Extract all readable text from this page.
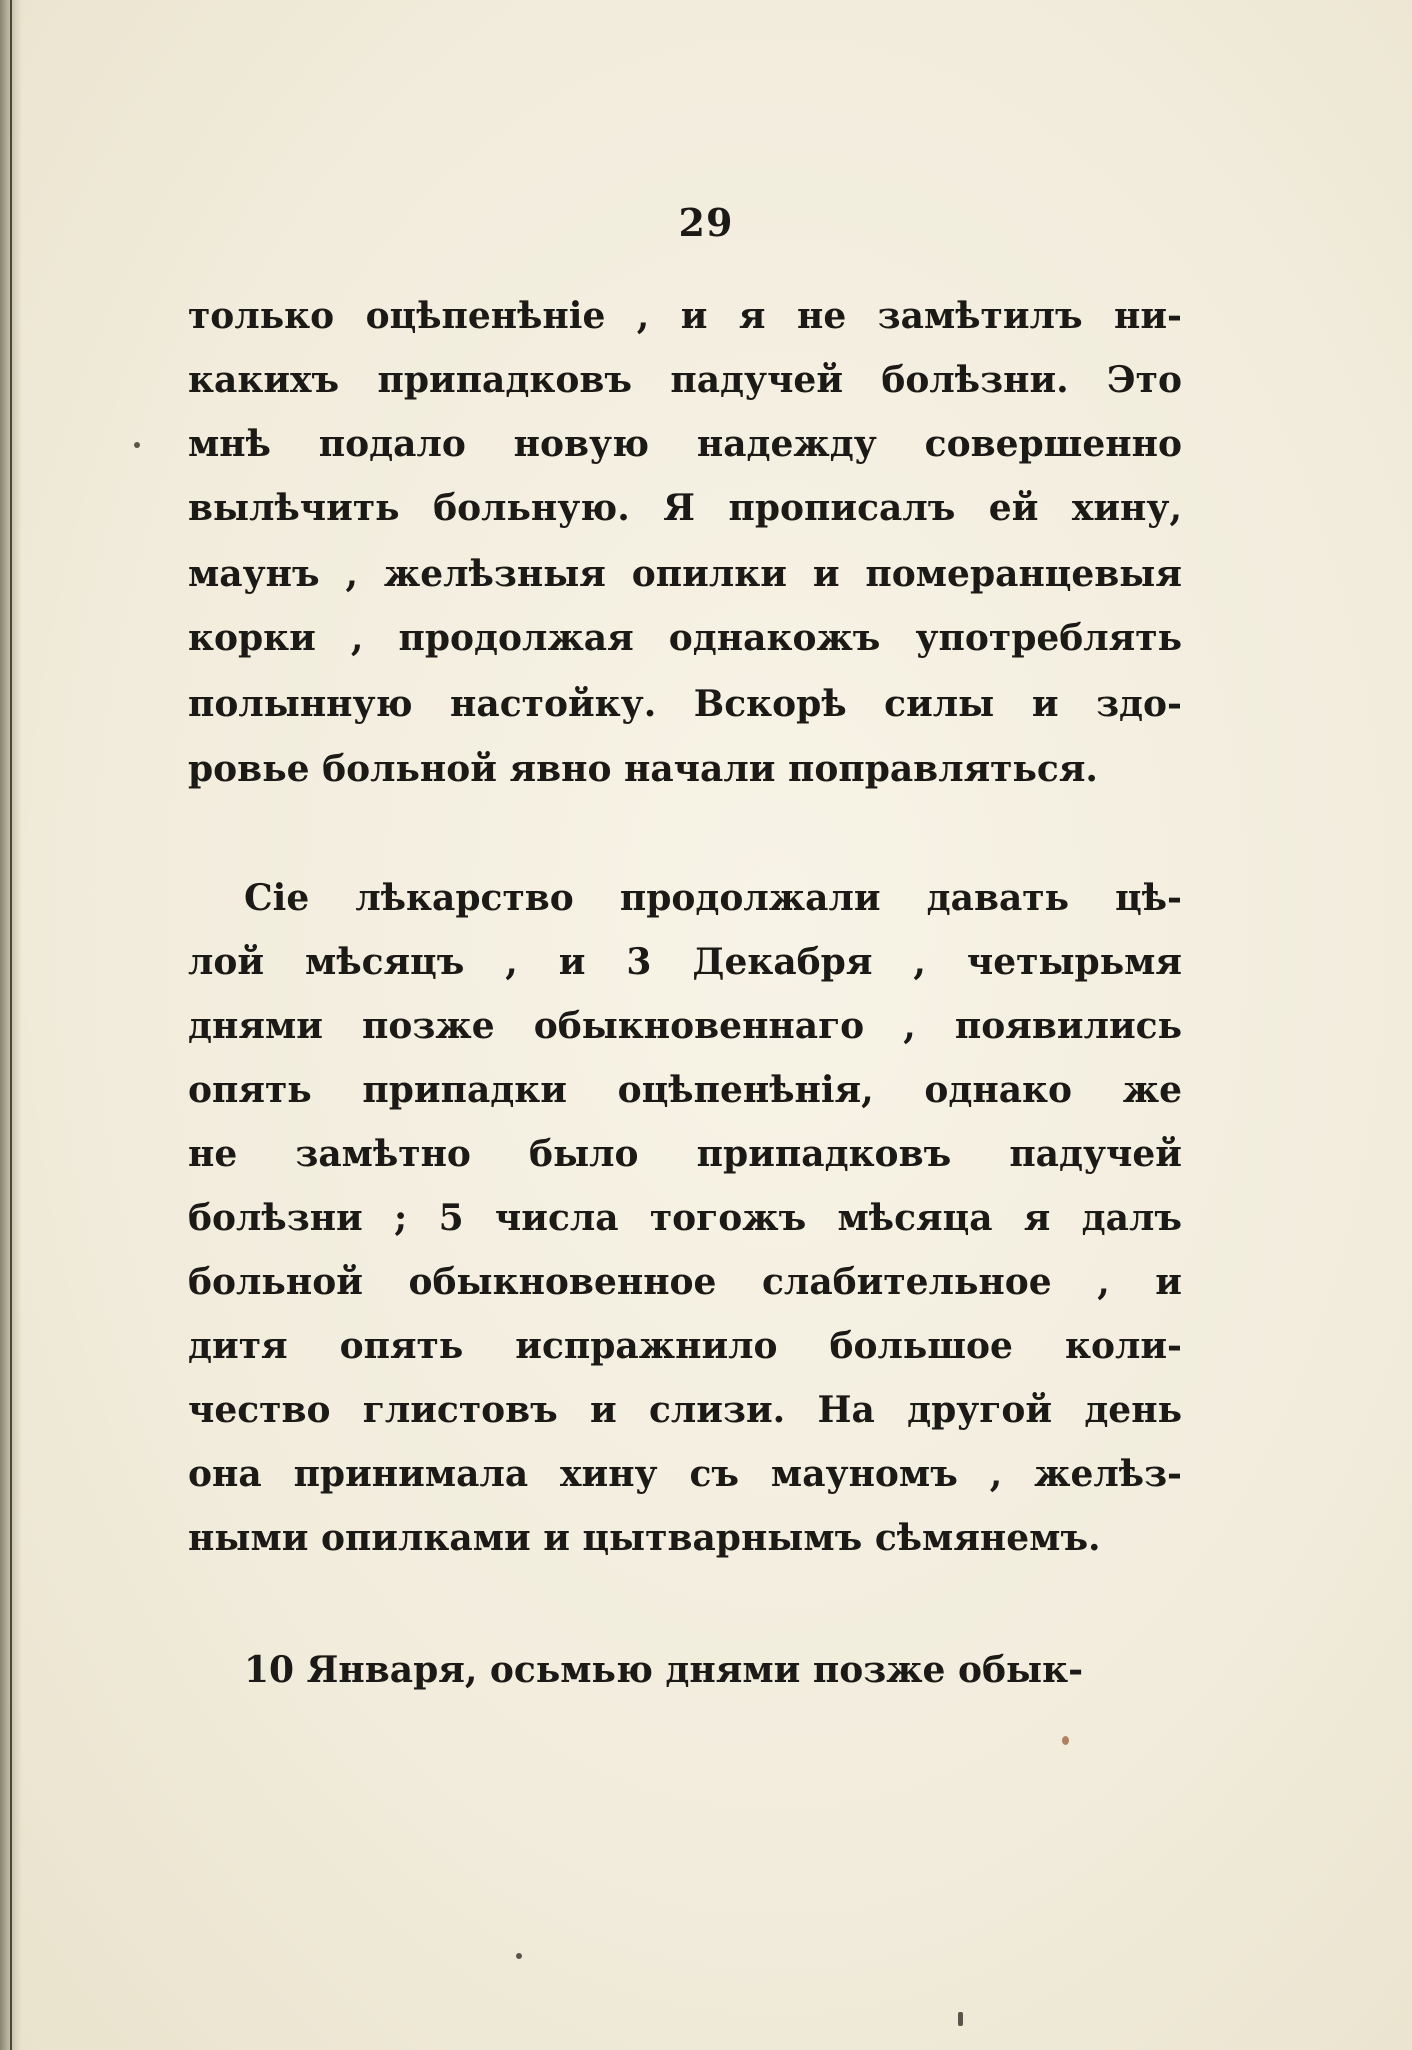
29
только оцѣпенѣніе , и я не замѣтилъ ни-
какихъ припадковъ падучей болѣзни. Это
мнѣ подало новую надежду совершенно
вылѣчить больную. Я прописалъ ей хину,
маунъ , желѣзныя опилки и померанцевыя
корки , продолжая однакожъ употреблять
полынную настойку. Вскорѣ силы и здо-
ровье больной явно начали поправляться.
Сіе лѣкарство продолжали давать цѣ-
лой мѣсяцъ , и 3 Декабря , четырьмя
днями позже обыкновеннаго , появились
опять припадки оцѣпенѣнія, однако же
не замѣтно было припадковъ падучей
болѣзни ; 5 числа тогожъ мѣсяца я далъ
больной обыкновенное слабительное , и
дитя опять испражнило большое коли-
чество глистовъ и слизи. На другой день
она принимала хину съ мауномъ , желѣз-
ными опилками и цытварнымъ сѣмянемъ.
10 Января, осьмью днями позже обык-
